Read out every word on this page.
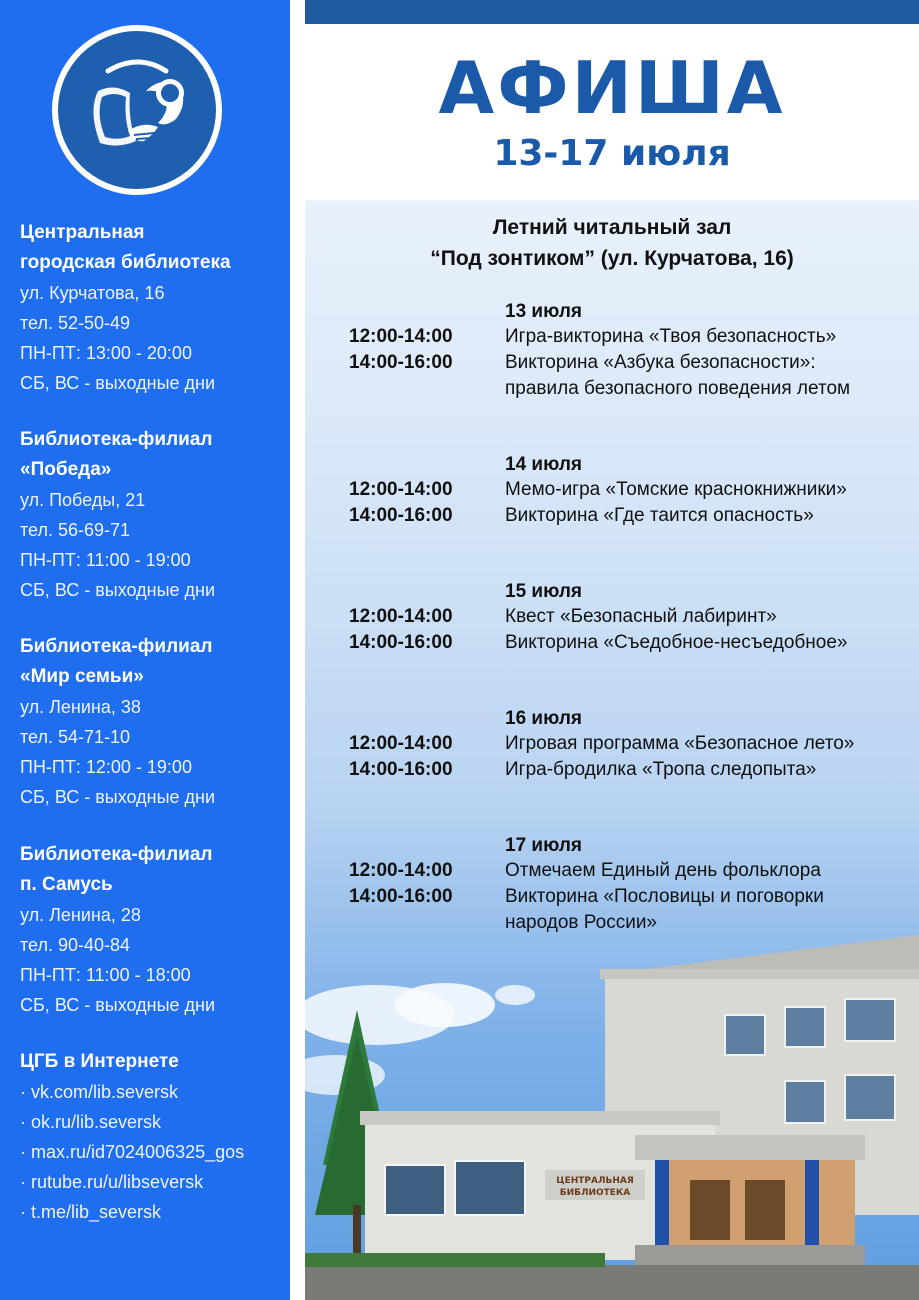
Центральная
городская библиотека
ул. Курчатова, 16
тел. 52-50-49
ПН-ПТ: 13:00 - 20:00
СБ, ВС - выходные дни
Библиотека-филиал
«Победа»
ул. Победы, 21
тел. 56-69-71
ПН-ПТ: 11:00 - 19:00
СБ, ВС - выходные дни
Библиотека-филиал
«Мир семьи»
ул. Ленина, 38
тел. 54-71-10
ПН-ПТ: 12:00 - 19:00
СБ, ВС - выходные дни
Библиотека-филиал
п. Самусь
ул. Ленина, 28
тел. 90-40-84
ПН-ПТ: 11:00 - 18:00
СБ, ВС - выходные дни
ЦГБ в Интернете
· vk.com/lib.seversk
· ok.ru/lib.seversk
· max.ru/id7024006325_gos
· rutube.ru/u/libseversk
· t.me/lib_seversk
АФИША
13-17 июля
Летний читальный зал
“Под зонтиком” (ул. Курчатова, 16)
13 июля
12:00-14:00	Игра-викторина «Твоя безопасность»
14:00-16:00	Викторина «Азбука безопасности»:
правила безопасного поведения летом
14 июля
12:00-14:00	Мемо-игра «Томские краснокнижники»
14:00-16:00	Викторина «Где таится опасность»
15 июля
12:00-14:00	Квест «Безопасный лабиринт»
14:00-16:00	Викторина «Съедобное-несъедобное»
16 июля
12:00-14:00	Игровая программа «Безопасное лето»
14:00-16:00	Игра-бродилка «Тропа следопыта»
17 июля
12:00-14:00	Отмечаем Единый день фольклора
14:00-16:00	Викторина «Пословицы и поговорки
народов России»
ЦЕНТРАЛЬНАЯ
БИБЛИОТЕКА
